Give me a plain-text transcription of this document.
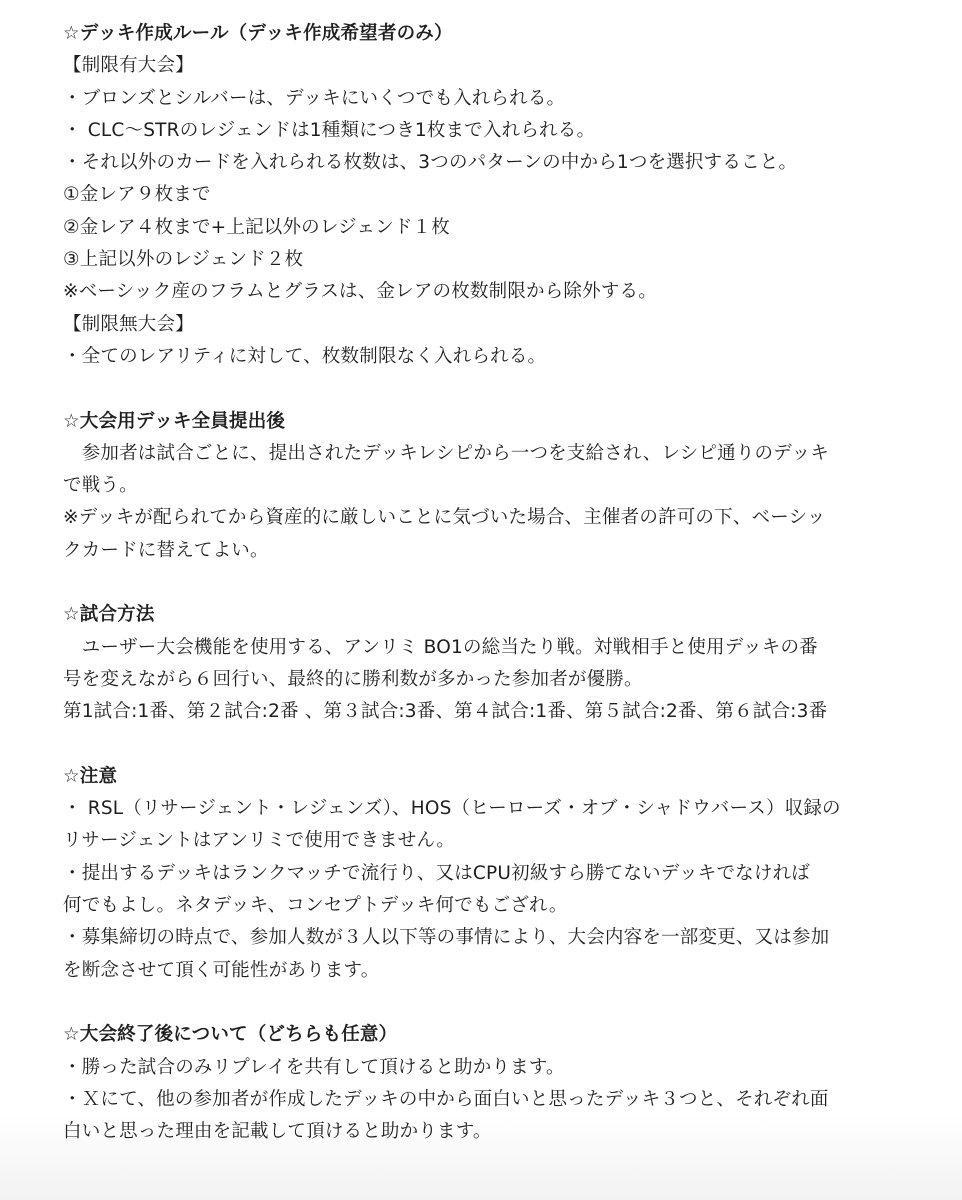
☆デッキ作成ルール（デッキ作成希望者のみ）
【制限有大会】
・ブロンズとシルバーは、デッキにいくつでも入れられる。
・ CLC〜STRのレジェンドは1種類につき1枚まで入れられる。
・それ以外のカードを入れられる枚数は、3つのパターンの中から1つを選択すること。
①金レア９枚まで
②金レア４枚まで+上記以外のレジェンド１枚
③上記以外のレジェンド２枚
※ベーシック産のフラムとグラスは、金レアの枚数制限から除外する。
【制限無大会】
・全てのレアリティに対して、枚数制限なく入れられる。
☆大会用デッキ全員提出後
　参加者は試合ごとに、提出されたデッキレシピから一つを支給され、レシピ通りのデッキ
で戦う。
※デッキが配られてから資産的に厳しいことに気づいた場合、主催者の許可の下、ベーシッ
クカードに替えてよい。
☆試合方法
　ユーザー大会機能を使用する、アンリミ BO1の総当たり戦。対戦相手と使用デッキの番
号を変えながら６回行い、最終的に勝利数が多かった参加者が優勝。
第1試合:1番、第２試合:2番 、第３試合:3番、第４試合:1番、第５試合:2番、第６試合:3番
☆注意
・ RSL（リサージェント・レジェンズ）、HOS（ヒーローズ・オブ・シャドウバース）収録の
リサージェントはアンリミで使用できません。
・提出するデッキはランクマッチで流行り、又はCPU初級すら勝てないデッキでなければ
何でもよし。ネタデッキ、コンセプトデッキ何でもござれ。
・募集締切の時点で、参加人数が３人以下等の事情により、大会内容を一部変更、又は参加
を断念させて頂く可能性があります。
☆大会終了後について（どちらも任意）
・勝った試合のみリプレイを共有して頂けると助かります。
・Ｘにて、他の参加者が作成したデッキの中から面白いと思ったデッキ３つと、それぞれ面
白いと思った理由を記載して頂けると助かります。
